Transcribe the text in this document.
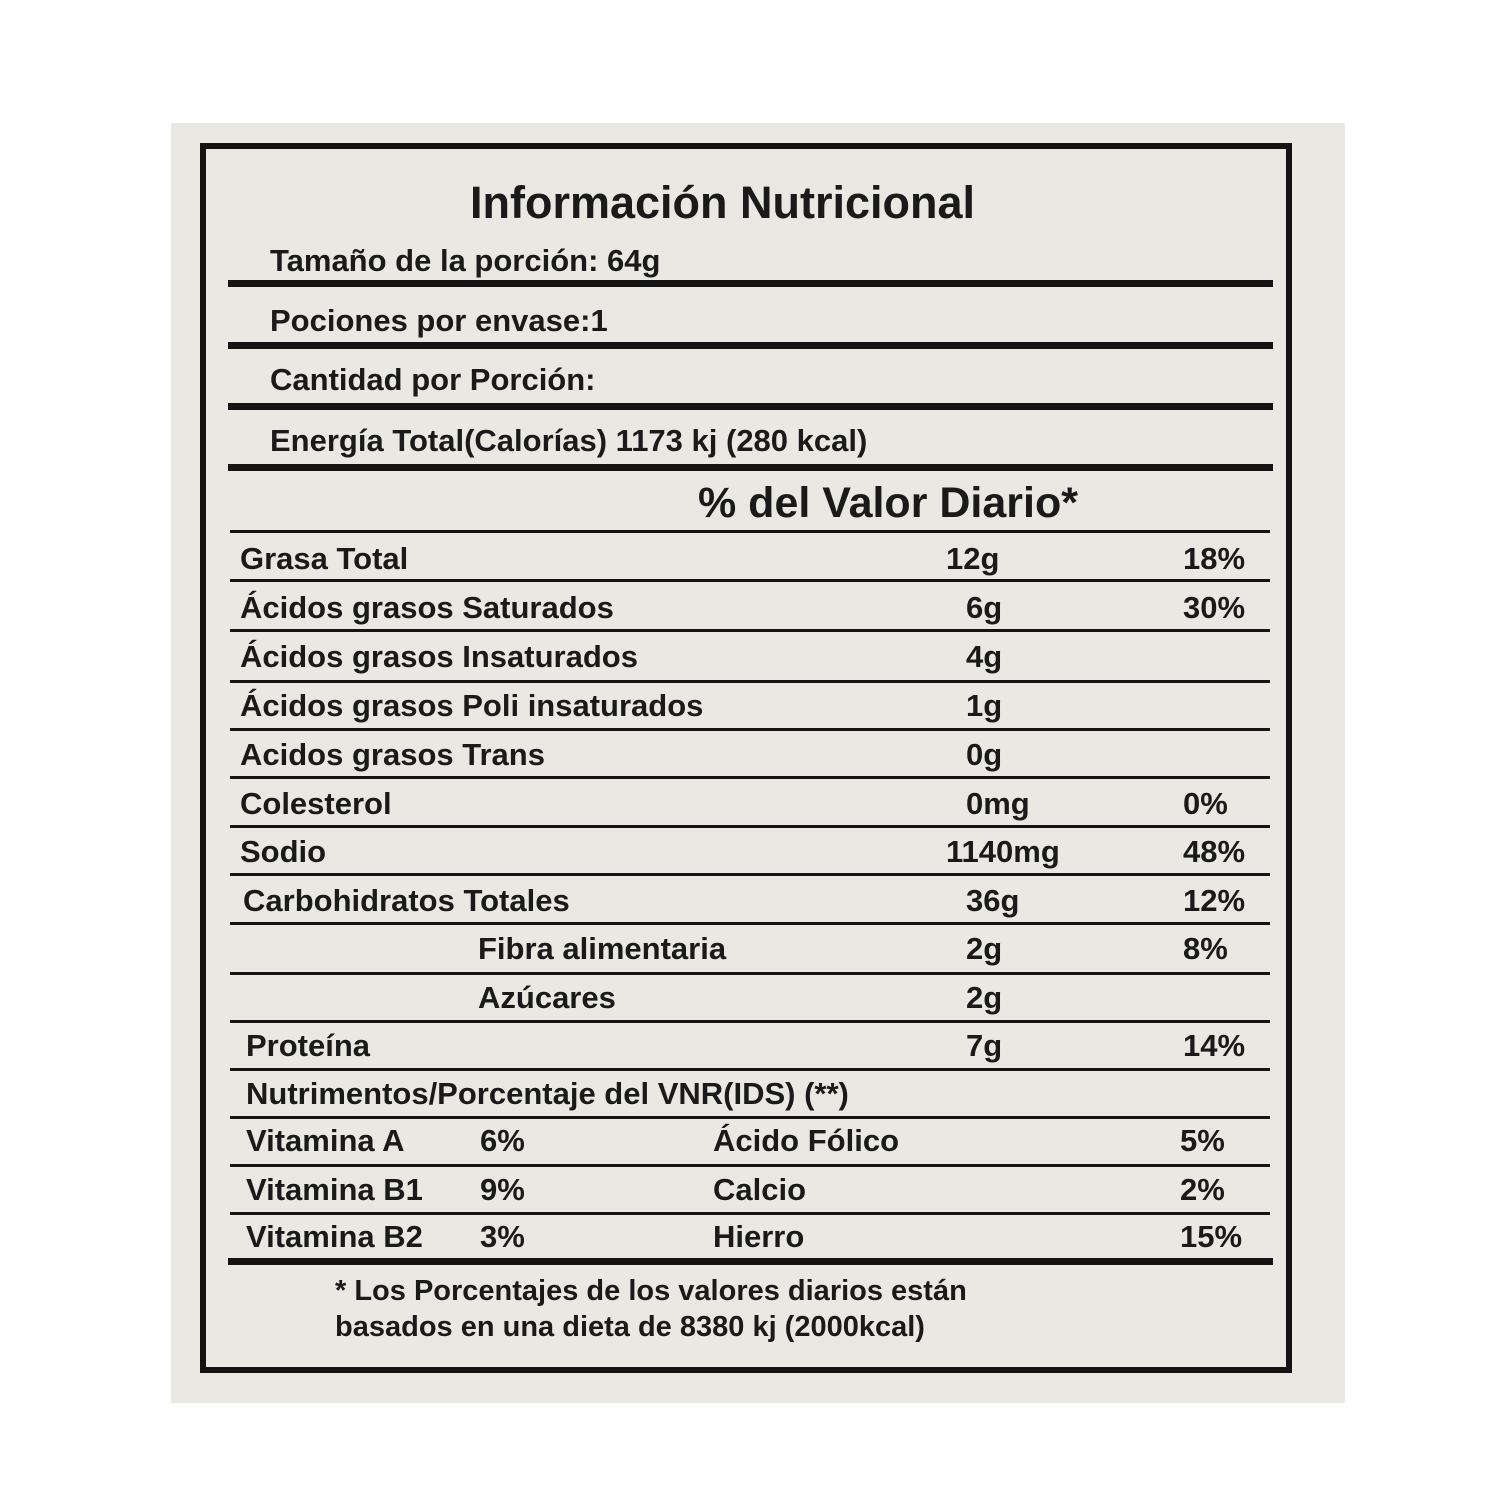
Información Nutricional
Tamaño de la porción: 64g
Pociones por envase:1
Cantidad por Porción:
Energía Total(Calorías) 1173 kj (280 kcal)
% del Valor Diario*
Grasa Total	12g	18%
Ácidos grasos Saturados	6g	30%
Ácidos grasos Insaturados	4g
Ácidos grasos Poli insaturados	1g
Acidos grasos Trans	0g
Colesterol	0mg	0%
Sodio	1140mg	48%
Carbohidratos Totales	36g	12%
Fibra alimentaria	2g	8%
Azúcares	2g
Proteína	7g	14%
Nutrimentos/Porcentaje del VNR(IDS) (**)
Vitamina A 6%	Ácido Fólico	5%
Vitamina B1 9%	Calcio	2%
Vitamina B2 3%	Hierro	15%
* Los Porcentajes de los valores diarios están
basados en una dieta de 8380 kj (2000kcal)
